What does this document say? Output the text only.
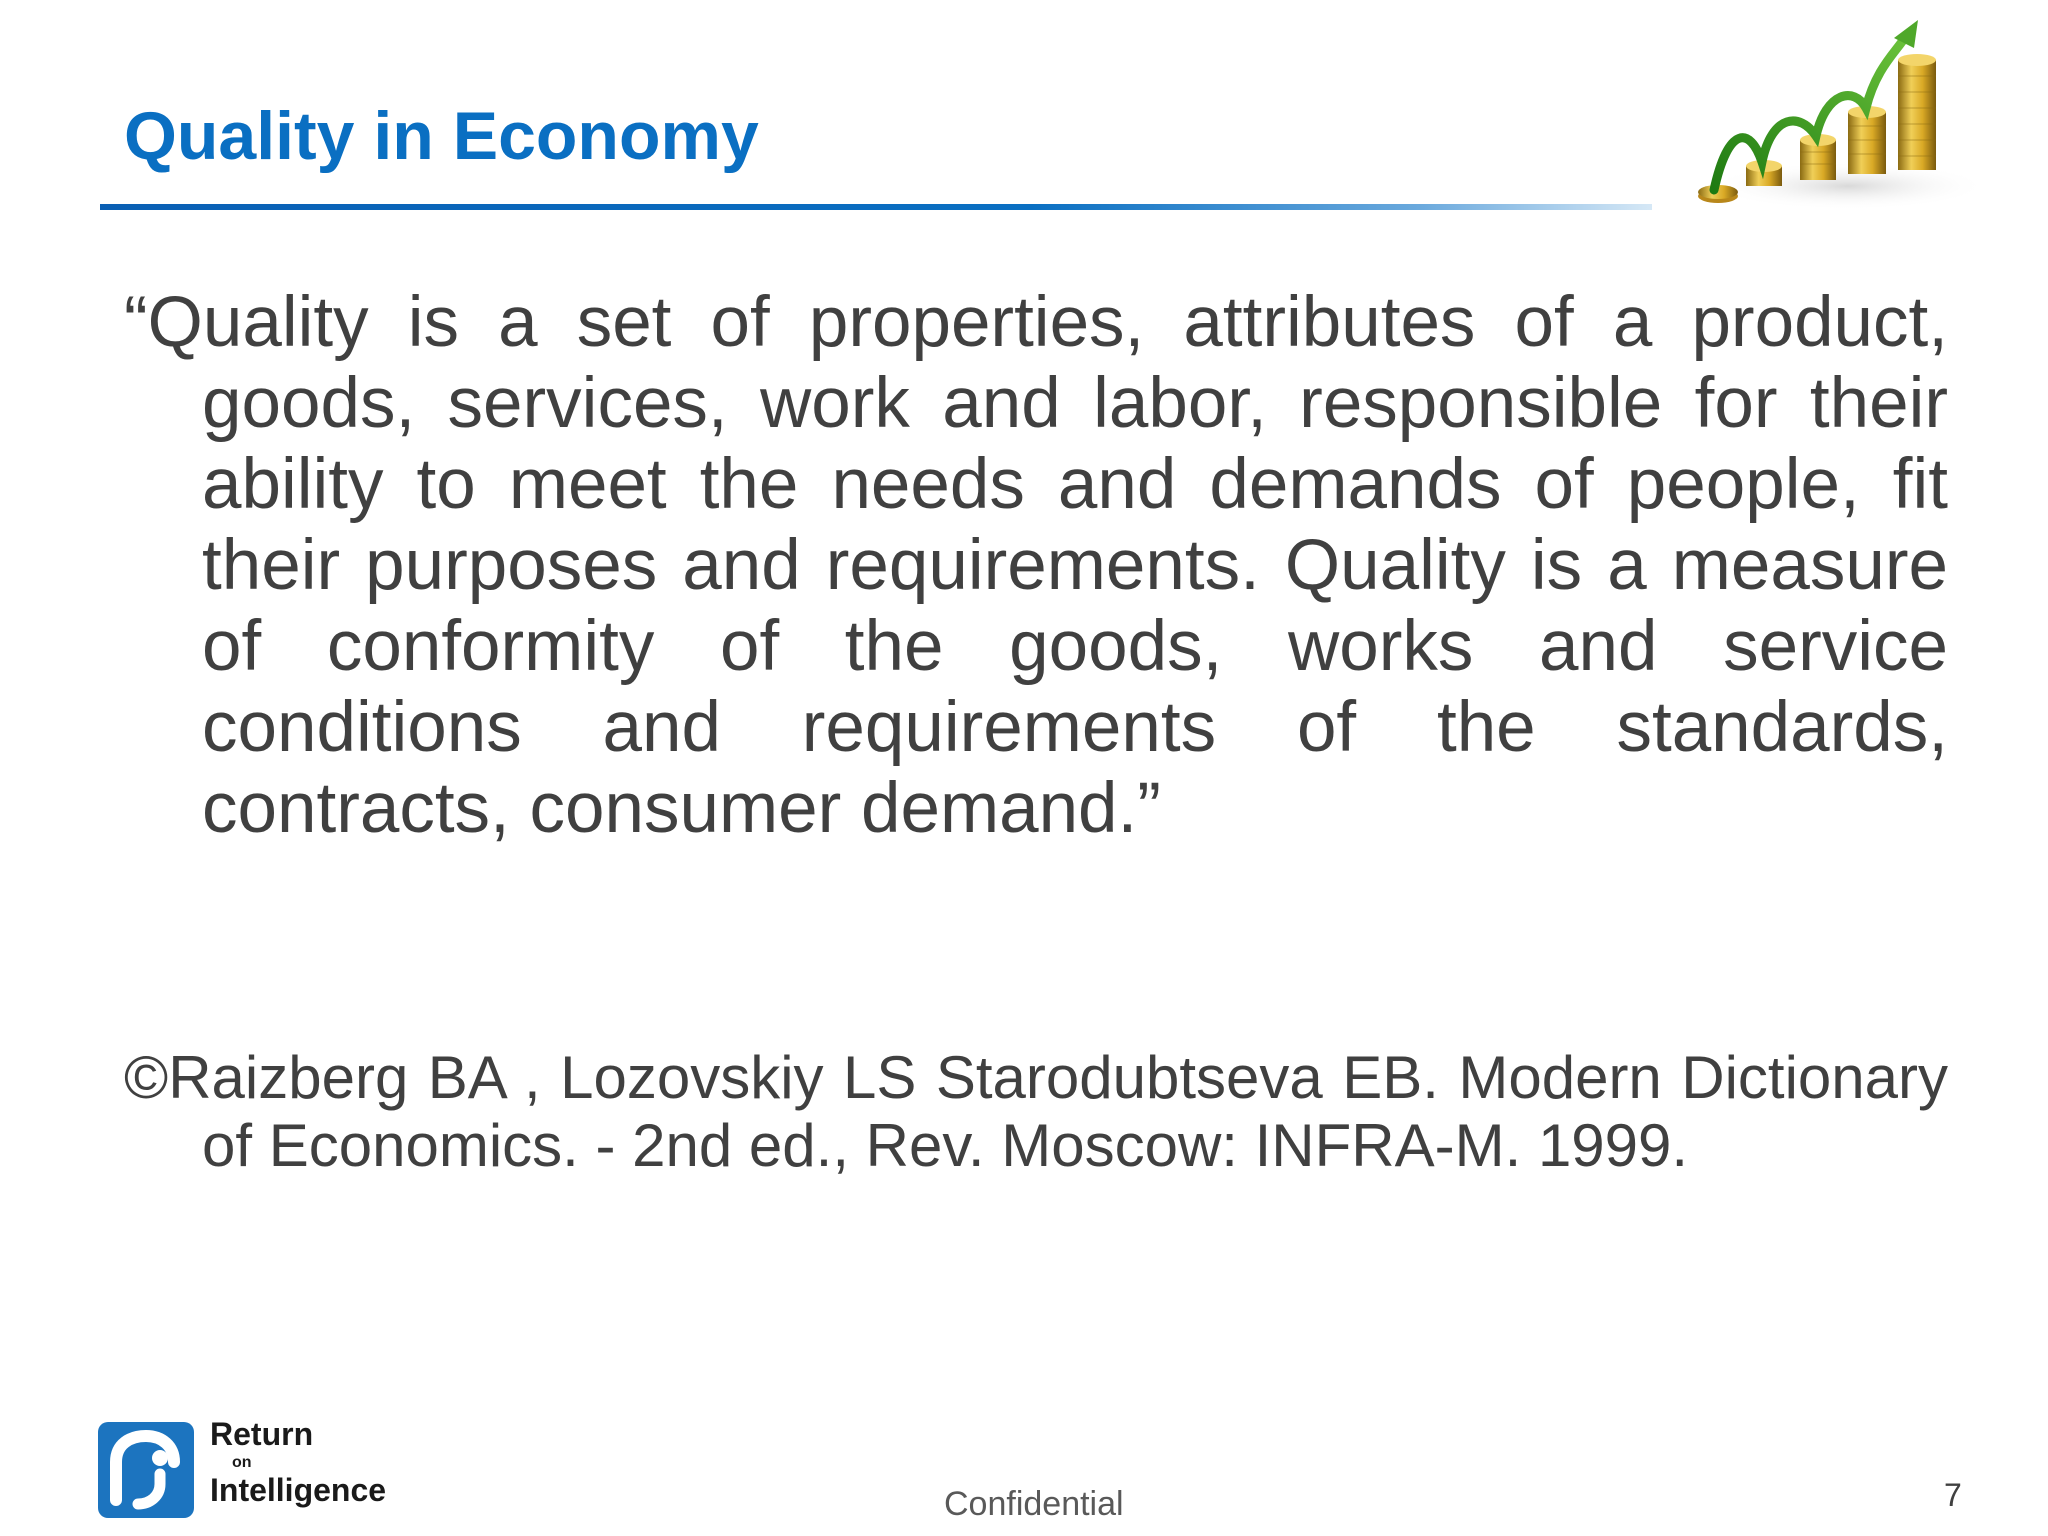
Quality in Economy

“Quality is a set of properties, attributes of a product, goods, services, work and labor, responsible for their ability to meet the needs and demands of people, fit their purposes and requirements. Quality is a measure of conformity of the goods, works and service conditions and requirements of the standards, contracts, consumer demand.”

©Raizberg BA , Lozovskiy LS Starodubtseva EB. Modern Dictionary of Economics. - 2nd ed., Rev. Moscow: INFRA-M. 1999.

Return
on
Intelligence	Confidential	7
